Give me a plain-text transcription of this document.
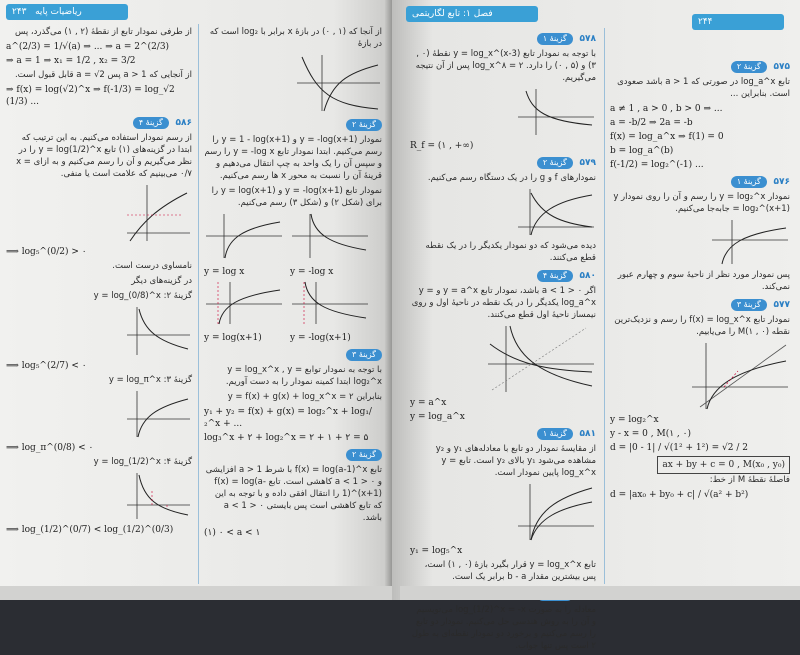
۲۴۳ ریاضیات پایه

از طرفی نمودار تابع از نقطهٔ (۲ , ۱) می‌گذرد، پس

a^(2/3) = 1/√(a) ⇒ ... ⇒ a = 2^(2/3)
⇒ a = 1 ⇒ x₁ = 1/2 , x₂ = 3/2

از آنجایی که a > 1 پس a = √2 قابل قبول است.

⇒ f(x) = log(√2)^x ⇒ f(-1/3) = log_√2 (1/3) ...
۵۸۶ گزینهٔ ۴

از رسم نمودار استفاده می‌کنیم. به این ترتیب که ابتدا در گزینه‌های (۱) تابع y = log(1/2)^x را در نظر می‌گیریم و آن را رسم می‌کنیم و به ازای x = ۰/۷ می‌بینیم که علامت است یا منفی.

⟹ log₅^(0/2) > ۰

نامساوی درست است.

در گزینه‌های دیگر

گزینهٔ ۲: y = log_(0/8)^x

⟹ log₅^(2/7) < ۰

گزینهٔ ۳: y = log_π^x

⟹ log_π^(0/8) < ۰

گزینهٔ ۴: y = log_(1/2)^x

⟹ log_(1/2)^(0/7) < log_(1/2)^(0/3)

از آنجا که (۱ , ۰) در بازهٔ x برابر با log₂ است که در بازهٔ

گزینهٔ ۲

نمودار y = -log(x+1) و y = 1 - log(x+1) را رسم می‌کنیم. ابتدا نمودار تابع y = -log x را رسم و سپس آن را یک واحد به چپ انتقال می‌دهیم و قرینهٔ آن را نسبت به محور x ها رسم می‌کنیم.

نمودار تابع y = -log(x+1) و y = log(x+1) را برای (شکل ۲) و (شکل ۳) رسم می‌کنیم.

y = log x	y = -log x
y = log(x+1)	y = -log(x+1)
گزینهٔ ۳

با توجه به نمودار توابع y = log_x^x , y = log₂^x ابتدا کمینه نمودار را به دست آوریم.

بنابراین y = f(x) + g(x) + log_x^x = ۲

y₁ + y₂ = f(x) + g(x) = log₂^x + log₁/₂^x + ...
log₃^x + ۲ + log₂^x = ۲ + ۱ + ۲ = ۵
گزینهٔ ۲

تابع f(x) = log(a-1)^x با شرط a > 1 افزایشی و ۰ < a < 1 کاهشی است. تابع f(x) = log(a-1)^(x+1) را انتقال افقی داده و با توجه به این که تابع کاهشی است پس بایستی ۰ < a < 1 باشد.

(۱) ۰ < a < ۱
فصل ۱: تابع لگاریتمی
۲۴۴
۵۷۸ گزینهٔ ۱

با توجه به نمودار تابع y = log_x^(x-3) نقطهٔ (۰ , ۳) و (۵ , ۰) را دارد. log_x^۸ = ۲ پس از آن نتیجه می‌گیریم.

R_f = (۱ , +∞)
۵۷۹ گزینهٔ ۲

نمودارهای f و g را در یک دستگاه رسم می‌کنیم.

دیده می‌شود که دو نمودار یکدیگر را در یک نقطه قطع می‌کنند.

۵۸۰ گزینهٔ ۴

اگر ۰ < a < 1 باشد، نمودار تابع y = a^x و y = log_a^x یکدیگر را در یک نقطه در ناحیهٔ اول و روی نیمساز ناحیهٔ اول قطع می‌کنند.

y = a^x
y = log_a^x
۵۸۱ گزینهٔ ۱

از مقایسهٔ نمودار دو تابع با معادله‌های y₁ و y₂ مشاهده می‌شود y₁ بالای y₂ است. تابع y = log_x^x پایین نمودار است.

y₁ = log₅^x

تابع y = log_x^x قرار بگیرد بازهٔ (۰ , ۱) است، پس بیشترین مقدار b - a برابر یک است.

معادله را به صورت log_(1/2)^x = -x می‌نویسیم و آن را به روش هندسی حل می‌کنیم. نمودار دو تابع را رسم می‌کنیم و برخورد دو نمودار نقطه‌ای به طول ۲ است پس تنها جواب.

۵۷۵ گزینهٔ ۲

تابع log_a^x در صورتی که a > 1 باشد صعودی است. بنابراین ...

a ≠ 1 , a > 0 , b > 0 ⇒ ...
a = -b/2 ⇒ 2a = -b
f(x) = log_a^x ⇒ f(1) = 0
b = log_a^(b)
f(-1/2) = log₂^(-1) ...
۵۷۶ گزینهٔ ۱

نمودار y = log₂^x را رسم و آن را روی نمودار y = log₂^(x+1) جابه‌جا می‌کنیم.

پس نمودار مورد نظر از ناحیهٔ سوم و چهارم عبور نمی‌کند.

۵۷۷ گزینهٔ ۳

نمودار تابع f(x) = log_x^x را رسم و نزدیک‌ترین نقطه M(۱ , ۰) را می‌یابیم.

y = log₂^x
y - x = 0 , M(۱ , ۰)
d = |0 - 1| / √(1² + 1²) = √2 / 2
ax + by + c = 0 , M(x₀ , y₀)

فاصلهٔ نقطهٔ M از خط:

d = |ax₀ + by₀ + c| / √(a² + b²)
